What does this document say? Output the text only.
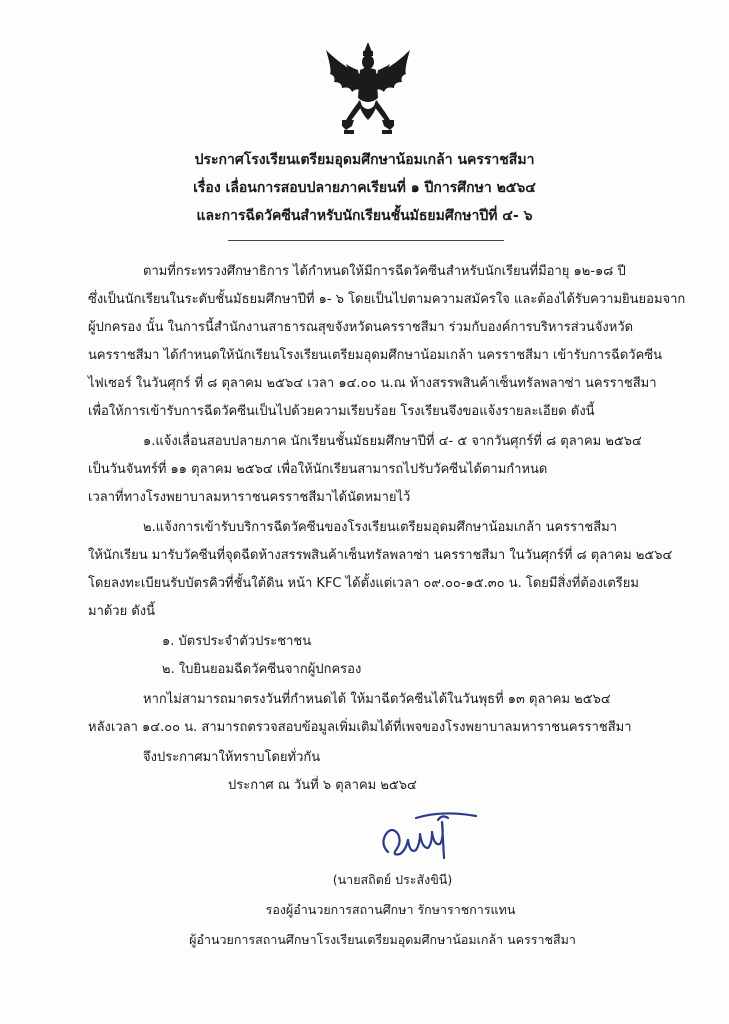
ประกาศโรงเรียนเตรียมอุดมศึกษาน้อมเกล้า นครราชสีมา
เรื่อง เลื่อนการสอบปลายภาคเรียนที่ ๑ ปีการศึกษา ๒๕๖๔
และการฉีดวัคซีนสำหรับนักเรียนชั้นมัธยมศึกษาปีที่ ๔- ๖
ตามที่กระทรวงศึกษาธิการ ได้กำหนดให้มีการฉีดวัคซีนสำหรับนักเรียนที่มีอายุ ๑๒-๑๘ ปี
ซึ่งเป็นนักเรียนในระดับชั้นมัธยมศึกษาปีที่ ๑- ๖ โดยเป็นไปตามความสมัครใจ และต้องได้รับความยินยอมจาก
ผู้ปกครอง นั้น ในการนี้สำนักงานสาธารณสุขจังหวัดนครราชสีมา ร่วมกับองค์การบริหารส่วนจังหวัด
นครราชสีมา ได้กำหนดให้นักเรียนโรงเรียนเตรียมอุดมศึกษาน้อมเกล้า นครราชสีมา เข้ารับการฉีดวัคซีน
ไฟเซอร์ ในวันศุกร์ ที่ ๘ ตุลาคม ๒๕๖๔ เวลา ๑๔.๐๐ น.ณ ห้างสรรพสินค้าเซ็นทรัลพลาซ่า นครราชสีมา
เพื่อให้การเข้ารับการฉีดวัคซีนเป็นไปด้วยความเรียบร้อย โรงเรียนจึงขอแจ้งรายละเอียด ดังนี้
๑.แจ้งเลื่อนสอบปลายภาค นักเรียนชั้นมัธยมศึกษาปีที่ ๔- ๕ จากวันศุกร์ที่ ๘ ตุลาคม ๒๕๖๔
เป็นวันจันทร์ที่ ๑๑ ตุลาคม ๒๕๖๔ เพื่อให้นักเรียนสามารถไปรับวัคซีนได้ตามกำหนด
เวลาที่ทางโรงพยาบาลมหาราชนครราชสีมาได้นัดหมายไว้
๒.แจ้งการเข้ารับบริการฉีดวัคซีนของโรงเรียนเตรียมอุดมศึกษาน้อมเกล้า นครราชสีมา
ให้นักเรียน มารับวัคซีนที่จุดฉีดห้างสรรพสินค้าเซ็นทรัลพลาซ่า นครราชสีมา ในวันศุกร์ที่ ๘ ตุลาคม ๒๕๖๔
โดยลงทะเบียนรับบัตรคิวที่ชั้นใต้ดิน หน้า KFC ได้ตั้งแต่เวลา ๐๙.๐๐-๑๕.๓๐ น. โดยมีสิ่งที่ต้องเตรียม
มาด้วย ดังนี้
๑. บัตรประจำตัวประชาชน
๒. ใบยินยอมฉีดวัคซีนจากผู้ปกครอง
หากไม่สามารถมาตรงวันที่กำหนดได้ ให้มาฉีดวัคซีนได้ในวันพุธที่ ๑๓ ตุลาคม ๒๕๖๔
หลังเวลา ๑๔.๐๐ น. สามารถตรวจสอบข้อมูลเพิ่มเติมได้ที่เพจของโรงพยาบาลมหาราชนครราชสีมา
จึงประกาศมาให้ทราบโดยทั่วกัน
ประกาศ ณ วันที่ ๖ ตุลาคม ๒๕๖๔
(นายสถิตย์ ประสังขินี)
รองผู้อำนวยการสถานศึกษา รักษาราชการแทน
ผู้อำนวยการสถานศึกษาโรงเรียนเตรียมอุดมศึกษาน้อมเกล้า นครราชสีมา
